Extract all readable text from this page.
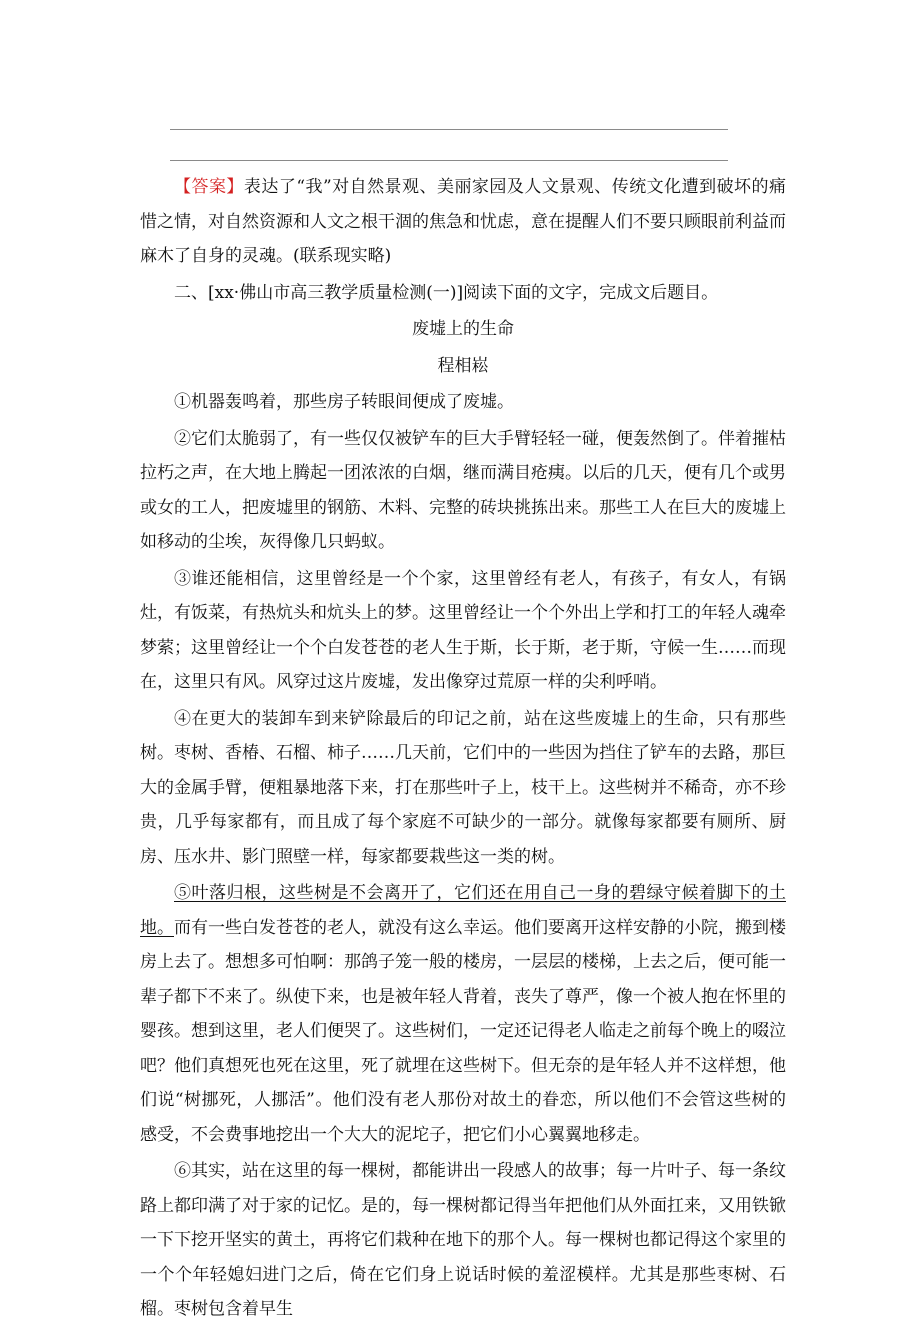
【答案】表达了“我”对自然景观、美丽家园及人文景观、传统文化遭到破坏的痛惜之情，对自然资源和人文之根干涸的焦急和忧虑，意在提醒人们不要只顾眼前利益而麻木了自身的灵魂。(联系现实略)

二、[xx·佛山市高三教学质量检测(一)]阅读下面的文字，完成文后题目。

废墟上的生命

程相崧

①机器轰鸣着，那些房子转眼间便成了废墟。

②它们太脆弱了，有一些仅仅被铲车的巨大手臂轻轻一碰，便轰然倒了。伴着摧枯拉朽之声，在大地上腾起一团浓浓的白烟，继而满目疮痍。以后的几天，便有几个或男或女的工人，把废墟里的钢筋、木料、完整的砖块挑拣出来。那些工人在巨大的废墟上如移动的尘埃，灰得像几只蚂蚁。

③谁还能相信，这里曾经是一个个家，这里曾经有老人，有孩子，有女人，有锅灶，有饭菜，有热炕头和炕头上的梦。这里曾经让一个个外出上学和打工的年轻人魂牵梦萦；这里曾经让一个个白发苍苍的老人生于斯，长于斯，老于斯，守候一生……而现在，这里只有风。风穿过这片废墟，发出像穿过荒原一样的尖利呼哨。

④在更大的装卸车到来铲除最后的印记之前，站在这些废墟上的生命，只有那些树。枣树、香椿、石榴、柿子……几天前，它们中的一些因为挡住了铲车的去路，那巨大的金属手臂，便粗暴地落下来，打在那些叶子上，枝干上。这些树并不稀奇，亦不珍贵，几乎每家都有，而且成了每个家庭不可缺少的一部分。就像每家都要有厕所、厨房、压水井、影门照壁一样，每家都要栽些这一类的树。

⑤叶落归根，这些树是不会离开了，它们还在用自己一身的碧绿守候着脚下的土地。而有一些白发苍苍的老人，就没有这么幸运。他们要离开这样安静的小院，搬到楼房上去了。想想多可怕啊：那鸽子笼一般的楼房，一层层的楼梯，上去之后，便可能一辈子都下不来了。纵使下来，也是被年轻人背着，丧失了尊严，像一个被人抱在怀里的婴孩。想到这里，老人们便哭了。这些树们，一定还记得老人临走之前每个晚上的啜泣吧？他们真想死也死在这里，死了就埋在这些树下。但无奈的是年轻人并不这样想，他们说“树挪死，人挪活”。他们没有老人那份对故土的眷恋，所以他们不会管这些树的感受，不会费事地挖出一个大大的泥坨子，把它们小心翼翼地移走。

⑥其实，站在这里的每一棵树，都能讲出一段感人的故事；每一片叶子、每一条纹路上都印满了对于家的记忆。是的，每一棵树都记得当年把他们从外面扛来，又用铁锨一下下挖开坚实的黄土，再将它们栽种在地下的那个人。每一棵树也都记得这个家里的一个个年轻媳妇进门之后，倚在它们身上说话时候的羞涩模样。尤其是那些枣树、石榴。枣树包含着早生
